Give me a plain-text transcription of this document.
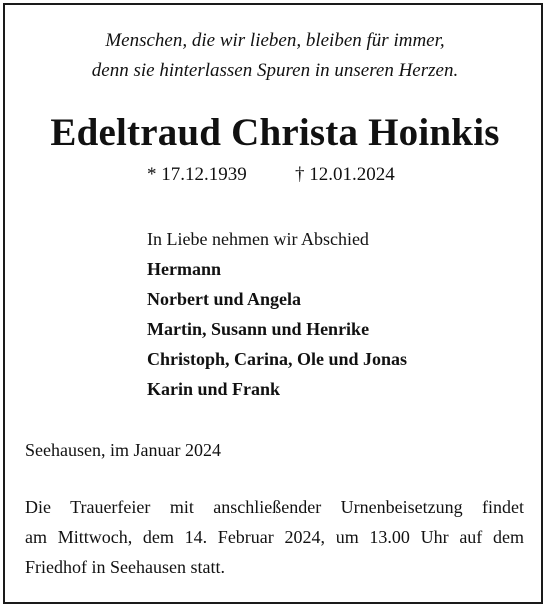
Menschen, die wir lieben, bleiben für immer,
denn sie hinterlassen Spuren in unseren Herzen.
Edeltraud Christa Hoinkis
* 17.12.1939	† 12.01.2024
In Liebe nehmen wir Abschied
Hermann
Norbert und Angela
Martin, Susann und Henrike
Christoph, Carina, Ole und Jonas
Karin und Frank
Seehausen, im Januar 2024
Die Trauerfeier mit anschließender Urnenbeisetzung findet
am Mittwoch, dem 14. Februar 2024, um 13.00 Uhr auf dem
Friedhof in Seehausen statt.
